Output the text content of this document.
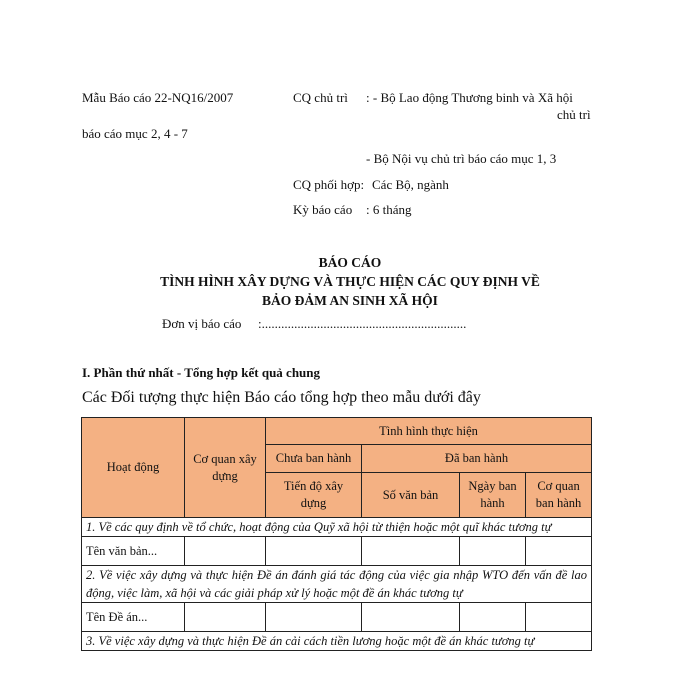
Mẫu Báo cáo 22-NQ16/2007	CQ chủ trì : - Bộ Lao động Thương binh và Xã hội
chủ trì
báo cáo mục 2, 4 - 7
- Bộ Nội vụ chủ trì báo cáo mục 1, 3
CQ phối hợp: Các Bộ, ngành
Kỳ báo cáo : 6 tháng
BÁO CÁO
TÌNH HÌNH XÂY DỰNG VÀ THỰC HIỆN CÁC QUY ĐỊNH VỀ
BẢO ĐẢM AN SINH XÃ HỘI
Đơn vị báo cáo :...............................................................
I. Phần thứ nhất - Tổng hợp kết quả chung
Các Đối tượng thực hiện Báo cáo tổng hợp theo mẫu dưới đây
Hoạt động	Cơ quan xây dựng	Tình hình thực hiện			
		Chưa ban hành	Đã ban hành		
		Tiến độ xây dựng	Số văn bản	Ngày ban hành	Cơ quan ban hành
1. Về các quy định về tổ chức, hoạt động của Quỹ xã hội từ thiện hoặc một quĩ khác tương tự					
Tên văn bản...					
2. Về việc xây dựng và thực hiện Đề án đánh giá tác động của việc gia nhập WTO đến vấn đề lao động, việc làm, xã hội và các giải pháp xử lý hoặc một đề án khác tương tự					
Tên Đề án...					
3. Về việc xây dựng và thực hiện Đề án cải cách tiền lương hoặc một đề án khác tương tự					
